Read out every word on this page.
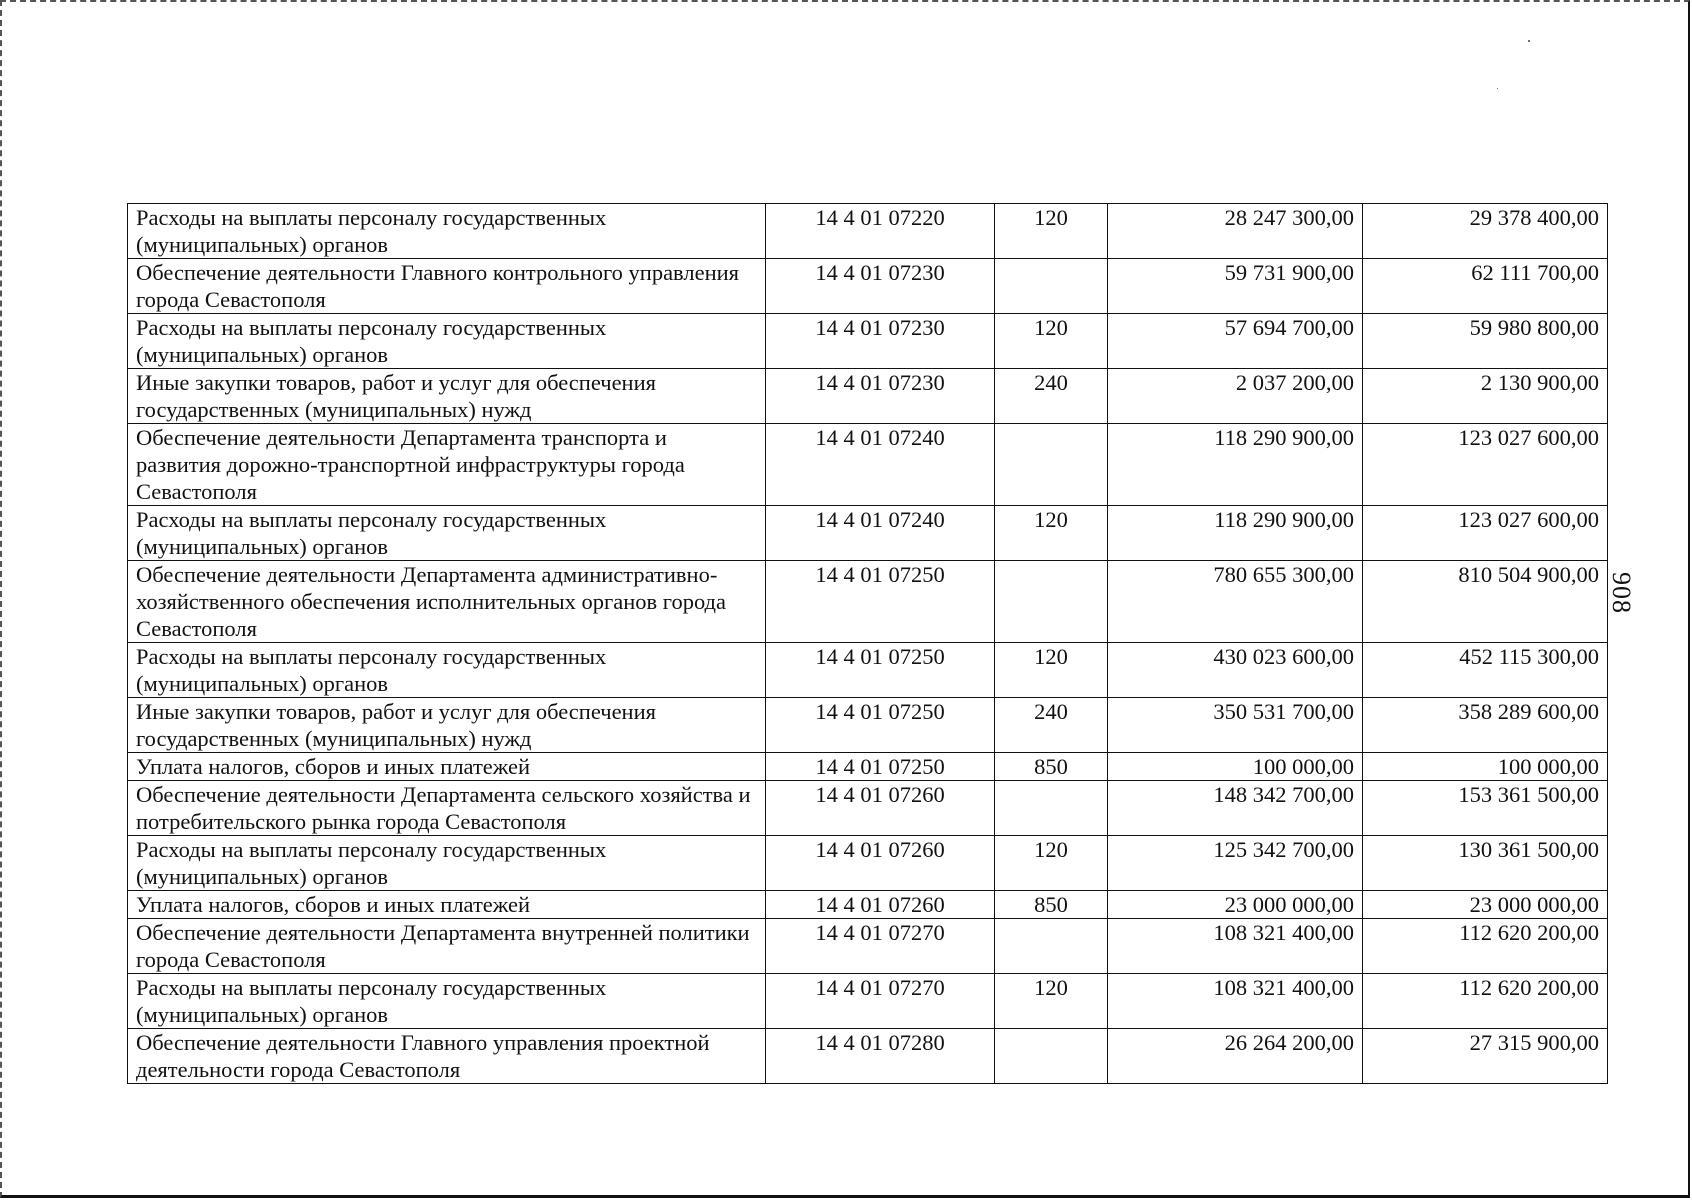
Расходы на выплаты персоналу государственных (муниципальных) органов	14 4 01 07220	120	28 247 300,00	29 378 400,00
Обеспечение деятельности Главного контрольного управления города Севастополя	14 4 01 07230		59 731 900,00	62 111 700,00
Расходы на выплаты персоналу государственных (муниципальных) органов	14 4 01 07230	120	57 694 700,00	59 980 800,00
Иные закупки товаров, работ и услуг для обеспечения государственных (муниципальных) нужд	14 4 01 07230	240	2 037 200,00	2 130 900,00
Обеспечение деятельности Департамента транспорта и развития дорожно-транспортной инфраструктуры города Севастополя	14 4 01 07240		118 290 900,00	123 027 600,00
Расходы на выплаты персоналу государственных (муниципальных) органов	14 4 01 07240	120	118 290 900,00	123 027 600,00
Обеспечение деятельности Департамента административно-хозяйственного обеспечения исполнительных органов города Севастополя	14 4 01 07250		780 655 300,00	810 504 900,00
Расходы на выплаты персоналу государственных (муниципальных) органов	14 4 01 07250	120	430 023 600,00	452 115 300,00
Иные закупки товаров, работ и услуг для обеспечения государственных (муниципальных) нужд	14 4 01 07250	240	350 531 700,00	358 289 600,00
Уплата налогов, сборов и иных платежей	14 4 01 07250	850	100 000,00	100 000,00
Обеспечение деятельности Департамента сельского хозяйства и потребительского рынка города Севастополя	14 4 01 07260		148 342 700,00	153 361 500,00
Расходы на выплаты персоналу государственных (муниципальных) органов	14 4 01 07260	120	125 342 700,00	130 361 500,00
Уплата налогов, сборов и иных платежей	14 4 01 07260	850	23 000 000,00	23 000 000,00
Обеспечение деятельности Департамента внутренней политики города Севастополя	14 4 01 07270		108 321 400,00	112 620 200,00
Расходы на выплаты персоналу государственных (муниципальных) органов	14 4 01 07270	120	108 321 400,00	112 620 200,00
Обеспечение деятельности Главного управления проектной деятельности города Севастополя	14 4 01 07280		26 264 200,00	27 315 900,00
908
